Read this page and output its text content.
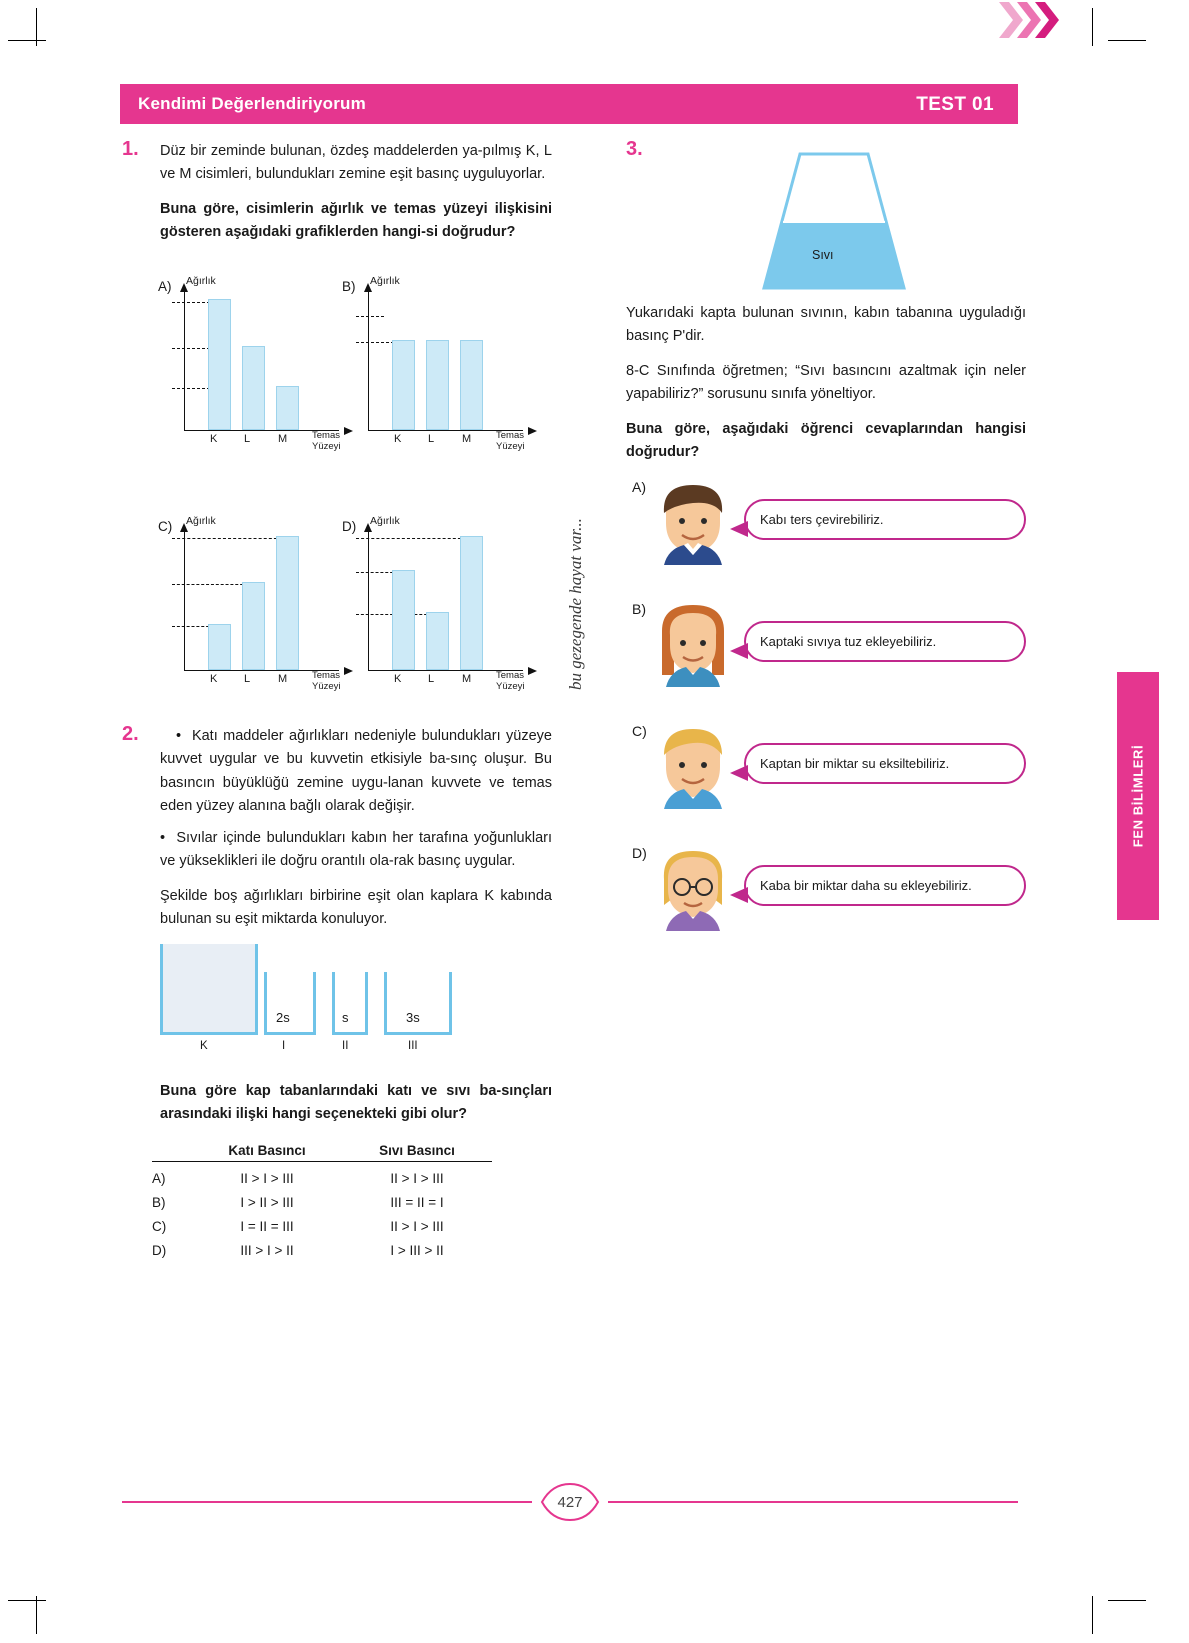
Kendimi Değerlendiriyorum	TEST 01
FEN BİLİMLERİ
bu gezegende hayat var...
1. Düz bir zeminde bulunan, özdeş maddelerden ya-pılmış K, L ve M cisimleri, bulundukları zemine eşit basınç uyguluyorlar.
Buna göre, cisimlerin ağırlık ve temas yüzeyi ilişkisini gösteren aşağıdaki grafiklerden hangi-si doğrudur?
A) Ağırlık
K L	M	Temas
Yüzeyi
B) Ağırlık
K L	M	Temas
Yüzeyi
C) Ağırlık
K L	M	Temas
Yüzeyi
D) Ağırlık
K L	M	Temas
Yüzeyi
2.	•  Katı maddeler ağırlıkları nedeniyle bulundukları yüzeye kuvvet uygular ve bu kuvvetin etkisiyle ba-sınç oluşur. Bu basıncın büyüklüğü zemine uygu-lanan kuvvete ve temas eden yüzey alanına bağlı olarak değişir.
•  Sıvılar içinde bulundukları kabın her tarafına yoğunlukları ve yükseklikleri ile doğru orantılı ola-rak basınç uygular.
Şekilde boş ağırlıkları birbirine eşit olan kaplara K kabında bulunan su eşit miktarda konuluyor.
2s	s	3s
K	I	II	III
Buna göre kap tabanlarındaki katı ve sıvı ba-sınçları arasındaki ilişki hangi seçenekteki gibi olur?
Katı Basıncı	Sıvı Basıncı
A)	II > I > III	II > I > III
B)	I > II > III	III = II = I
C)	I = II = III	II > I > III
D)	III > I > II	I > III > II
3.
Sıvı
Yukarıdaki kapta bulunan sıvının, kabın tabanına uyguladığı basınç P'dir.
8-C Sınıfında öğretmen; “Sıvı basıncını azaltmak için neler yapabiliriz?” sorusunu sınıfa yöneltiyor.
Buna göre, aşağıdaki öğrenci cevaplarından hangisi doğrudur?
A)
Kabı ters çevirebiliriz.
B)
Kaptaki sıvıya tuz ekleyebiliriz.
C)
Kaptan bir miktar su eksiltebiliriz.
D)
Kaba bir miktar daha su ekleyebiliriz.
427
